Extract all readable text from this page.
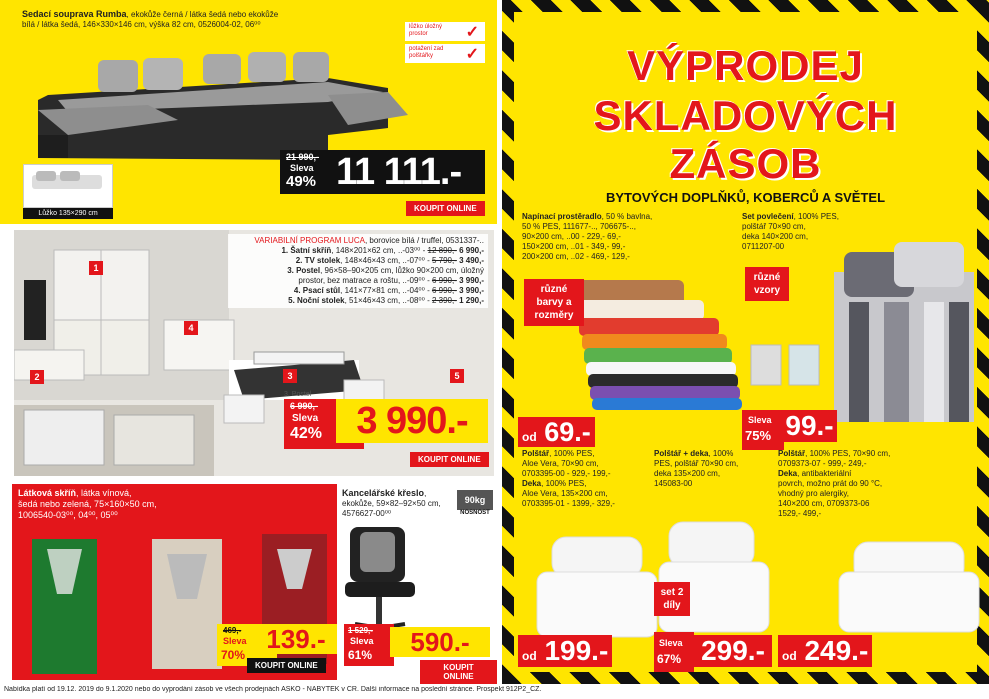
Sedací souprava Rumba, ekokůže černá / látka šedá nebo ekokůže
bílá / látka šedá, 146×330×146 cm, výška 82 cm, 0526004-02, 06⁰⁰	lůžko úložný prostor	✓
potažení zad polštářky	✓
Lůžko 135×290 cm
21 990,-
Sleva
49% 11 111.-
KOUPIT ONLINE
VARIABILNÍ PROGRAM LUCA, borovice bílá / truffel, 0531337-..
1. Šatní skříň, 148×201×62 cm, ..-03⁰⁰ - 12 890,- 6 990,-
2. TV stolek, 148×46×43 cm, ..-07⁰⁰ - 5 790,- 3 490,-
3. Postel, 96×58–90×205 cm, lůžko 90×200 cm, úložný
prostor, bez matrace a roštu, ..-09⁰⁰ - 6 990,- 3 990,-
4. Psací stůl, 141×77×81 cm, ..-04⁰⁰ - 6 990,- 3 990,-
5. Noční stolek, 51×46×43 cm, ..-08⁰⁰ - 2 390,- 1 290,-
1
2	3
4
5
3. Postel
6 990,-
Sleva
42% 3 990.-
KOUPIT ONLINE
Látková skříň, látka vínová,
šedá nebo zelená, 75×160×50 cm,
1006540-03⁰⁰, 04⁰⁰, 05⁰⁰
469,-
Sleva
70%
139.-
KOUPIT ONLINE
Kancelářské křeslo,
ekokůže, 59×82–92×50 cm,
4576627-00⁰⁰
90kg
NOSNOST
1 529,-
Sleva
61%	590.-
KOUPIT ONLINE
VÝPRODEJ
SKLADOVÝCH
ZÁSOB
BYTOVÝCH DOPLŇKŮ, KOBERCŮ A SVĚTEL
Napínací prostěradlo, 50 % bavlna,
50 % PES, 111677-.., 706675-..,
90×200 cm, ..00 - 229,- 69,-
150×200 cm, ..01 - 349,- 99,-
200×200 cm, ..02 - 469,- 129,-
různé barvy a rozměry
od 69.-
Set povlečení, 100% PES,
polštář 70×90 cm,
deka 140×200 cm,
0711207-00
různé vzory
Sleva
75% 99.-
Polštář, 100% PES,
Aloe Vera, 70×90 cm,
0703395-00 - 929,- 199,-
Deka, 100% PES,
Aloe Vera, 135×200 cm,
0703395-01 - 1399,- 329,-
od 199.-
Polštář + deka, 100%
PES, polštář 70×90 cm,
deka 135×200 cm,
145083-00
set 2 díly
Sleva
67% 299.-
Polštář, 100% PES, 70×90 cm,
0709373-07 - 999,- 249,-
Deka, antibakteriální
povrch, možno prát do 90 °C,
vhodný pro alergiky,
140×200 cm, 0709373-06
1529,- 499,-
od 249.-
Nabídka platí od 19.12. 2019 do 9.1.2020 nebo do vyprodání zásob ve všech prodejnách ASKO - NÁBYTEK v ČR. Další informace na poslední stránce. Prospekt 912P2_CZ.
